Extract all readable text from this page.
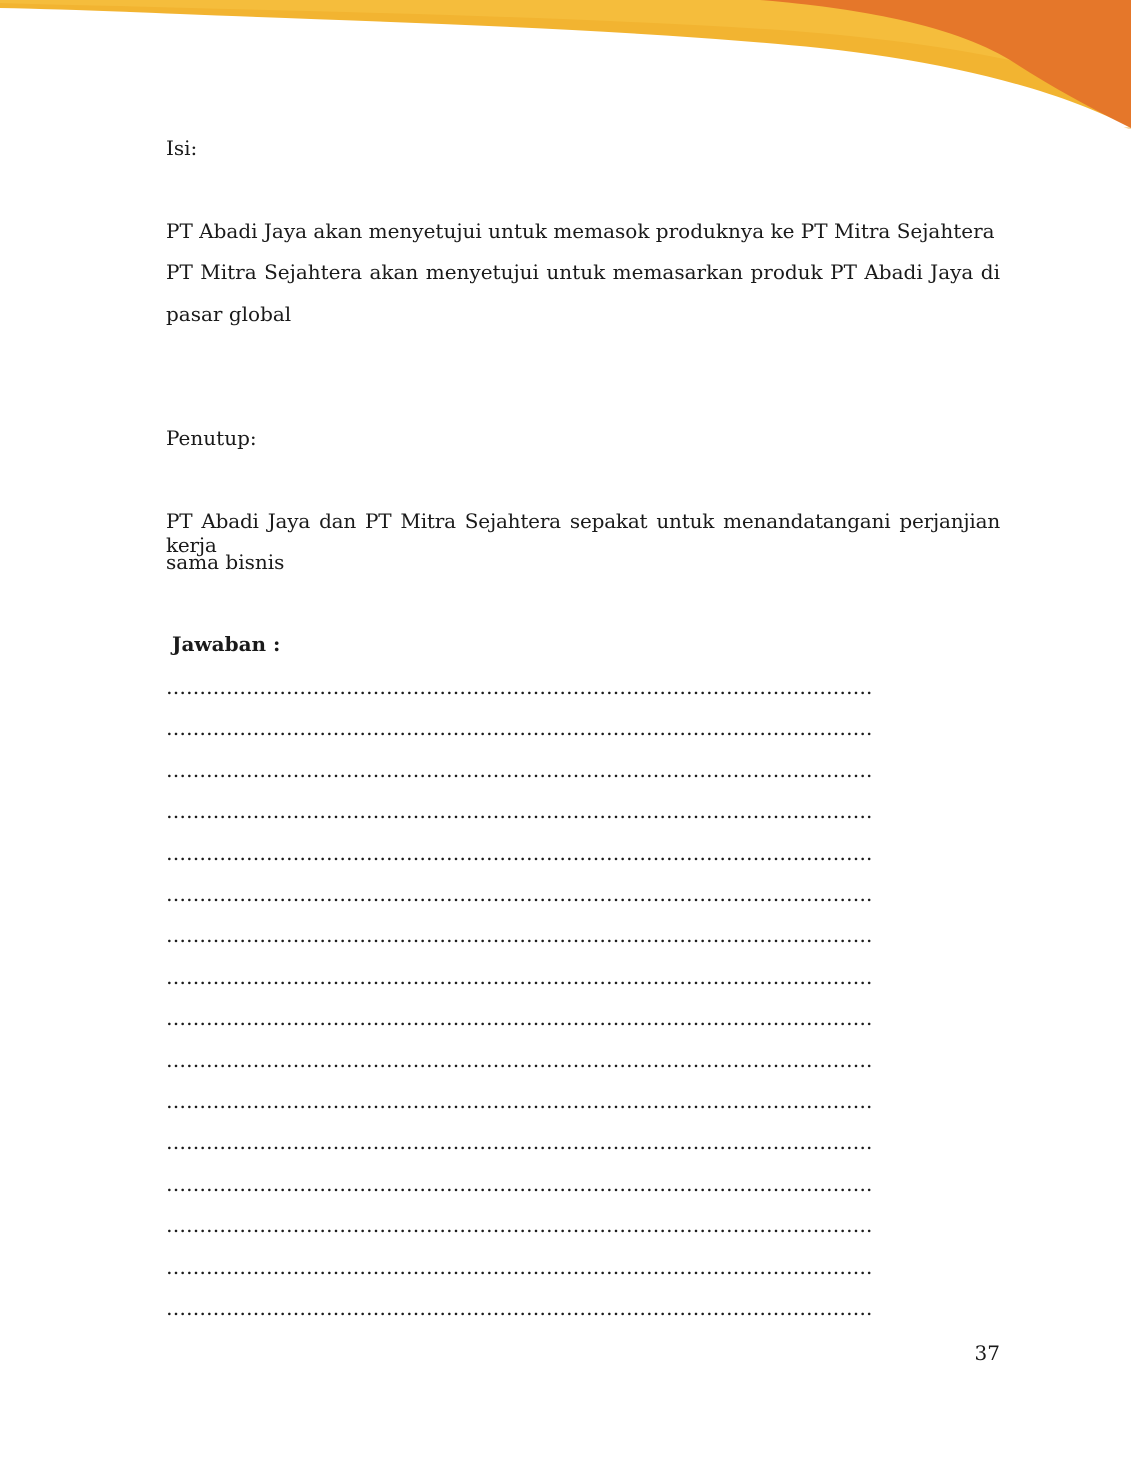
Isi:
PT Abadi Jaya akan menyetujui untuk memasok produknya ke PT Mitra Sejahtera
PT Mitra Sejahtera akan menyetujui untuk memasarkan produk PT Abadi Jaya di
pasar global
Penutup:
PT Abadi Jaya dan PT Mitra Sejahtera sepakat untuk menandatangani perjanjian kerja
sama bisnis
Jawaban :
…………………………………………………………………………………………….
…………………………………………………………………………………………….
…………………………………………………………………………………………….
…………………………………………………………………………………………….
…………………………………………………………………………………………….
…………………………………………………………………………………………….
…………………………………………………………………………………………….
…………………………………………………………………………………………….
…………………………………………………………………………………………….
…………………………………………………………………………………………….
…………………………………………………………………………………………….
…………………………………………………………………………………………….
…………………………………………………………………………………………….
…………………………………………………………………………………………….
…………………………………………………………………………………………….
…………………………………………………………………………………………….
37
